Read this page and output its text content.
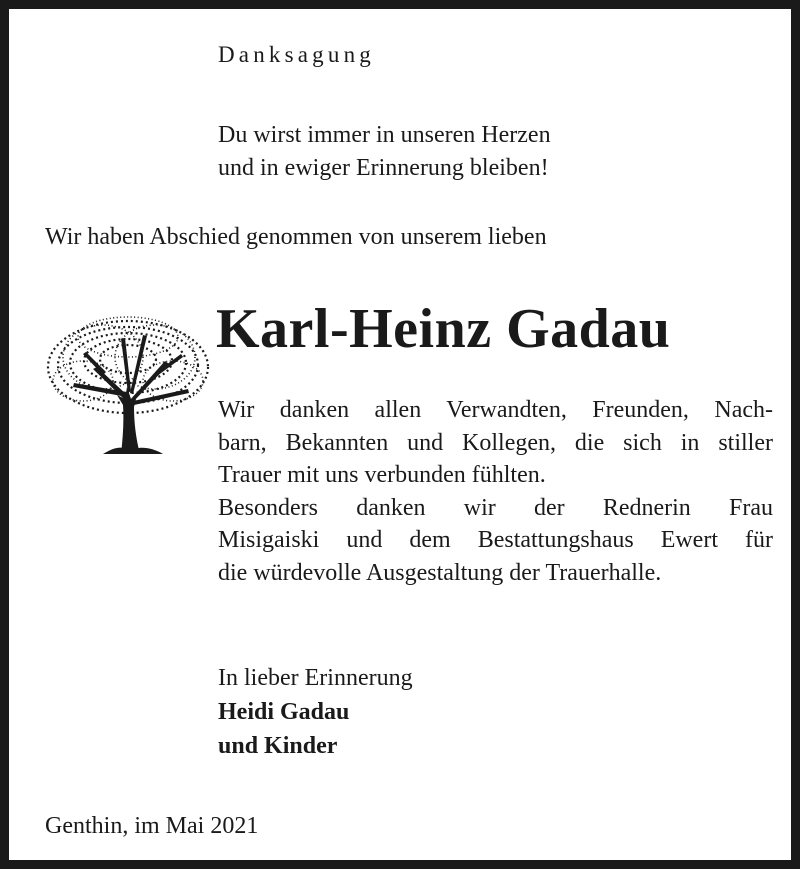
Danksagung
Du wirst immer in unseren Herzen
und in ewiger Erinnerung bleiben!
Wir haben Abschied genommen von unserem lieben
Karl-Heinz Gadau
Wir danken allen Verwandten, Freunden, Nach-
barn, Bekannten und Kollegen, die sich in stiller
Trauer mit uns verbunden fühlten.
Besonders danken wir der Rednerin Frau
Misigaiski und dem Bestattungshaus Ewert für
die würdevolle Ausgestaltung der Trauerhalle.
In lieber Erinnerung
Heidi Gadau
und Kinder
Genthin, im Mai 2021
